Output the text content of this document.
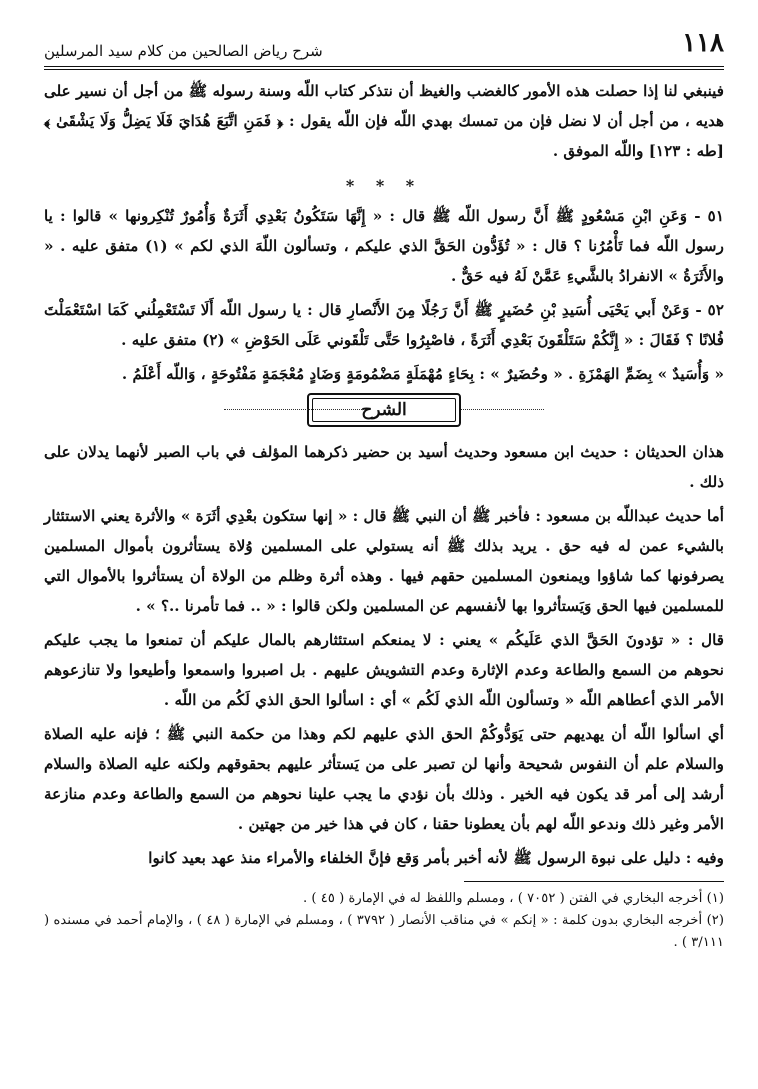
١١٨
شرح رياض الصالحين من كلام سيد المرسلين

فينبغي لنا إذا حصلت هذه الأمور كالغضب والغيظ أن نتذكر كتاب اللّه وسنة رسوله ﷺ من أجل أن نسير على هديه ، من أجل أن لا نضل فإن من تمسك بهدي اللّه فإن اللّه يقول : ﴿ فَمَنِ اتَّبَعَ هُدَايَ فَلَا يَضِلُّ وَلَا يَشْقَىٰ ﴾ [طه : ١٢٣] واللّه الموفق .

* * *

٥١ - وَعَنِ ابْنِ مَسْعُودٍ ﷺ أَنَّ رسول اللّه ﷺ قال : « إِنَّهَا سَتَكُونُ بَعْدِي أَثَرَةٌ وَأُمُورٌ تُنْكِرونها » قالوا : يا رسول اللّه فما تَأْمُرُنا ؟ قال : « تُؤَدُّون الحَقَّ الذي عليكم ، وتسألون اللّهَ الذي لكم » (١) متفق عليه . « والأَثَرَةُ » الانفرادُ بالشَّيءِ عَمَّنْ لَهُ فيه حَقٌّ .

٥٢ - وَعَنْ أَبي يَحْيَى أُسَيدِ بْنِ حُضَيرٍ ﷺ أَنَّ رَجُلًا مِنَ الأَنْصارِ قال : يا رسول اللّه أَلَا تَسْتَعْمِلُني كَمَا اسْتَعْمَلْتَ فُلانًا ؟ فَقَالَ : « إِنَّكُمْ سَتَلْقَونَ بَعْدِي أَثَرَةً ، فاصْبِرُوا حَتَّى تَلْقَوني عَلَى الحَوْضِ » (٢) متفق عليه .

« وَأُسَيدٌ » بِضَمِّ الهَمْزَةِ . « وحُضَيرٌ » : بِحَاءٍ مُهْمَلَةٍ مَضْمُومَةٍ وَضَادٍ مُعْجَمَةٍ مَفْتُوحَةٍ ، وَاللّه أَعْلَمُ .

الشرح

هذان الحديثان : حديث ابن مسعود وحديث أسيد بن حضير ذكرهما المؤلف في باب الصبر لأنهما يدلان على ذلك .

أما حديث عبداللّه بن مسعود : فأخبر ﷺ أن النبي ﷺ قال : « إنها ستكون بعْدِي أثَرَة » والأثرة يعني الاستئثار بالشيء عمن له فيه حق . يريد بذلك ﷺ أنه يستولي على المسلمين وُلاة يستأثرون بأموال المسلمين يصرفونها كما شاؤوا ويمنعون المسلمين حقهم فيها . وهذه أثرة وظلم من الولاة أن يستأثروا بالأموال التي للمسلمين فيها الحق وَيَستأثروا بها لأنفسهم عن المسلمين ولكن قالوا : « .. فما تأمرنا ..؟ » .

قال : « تؤدونَ الحَقَّ الذي عَلَيكُم » يعني : لا يمنعكم استئثارهم بالمال عليكم أن تمنعوا ما يجب عليكم نحوهم من السمع والطاعة وعدم الإثارة وعدم التشويش عليهم . بل اصبروا واسمعوا وأطيعوا ولا تنازعوهم الأمر الذي أعطاهم اللّه « وتسألون اللّه الذي لَكُم » أي : اسألوا الحق الذي لَكُم من اللّه .

أي اسألوا اللّه أن يهديهم حتى يَوَدُّوكُمْ الحق الذي عليهم لكم وهذا من حكمة النبي ﷺ ؛ فإنه عليه الصلاة والسلام علم أن النفوس شحيحة وأنها لن تصبر على من يَستأثر عليهم بحقوقهم ولكنه عليه الصلاة والسلام أرشد إلى أمر قد يكون فيه الخير . وذلك بأن نؤدي ما يجب علينا نحوهم من السمع والطاعة وعدم منازعة الأمر وغير ذلك وندعو اللّه لهم بأن يعطونا حقنا ، كان في هذا خير من جهتين .

وفيه : دليل على نبوة الرسول ﷺ لأنه أخبر بأمر وَقع فإنَّ الخلفاء والأمراء منذ عهد بعيد كانوا

(١) أخرجه البخاري في الفتن ( ٧٠٥٢ ) ، ومسلم واللفظ له في الإمارة ( ٤٥ ) .

(٢) أخرجه البخاري بدون كلمة : « إنكم » في مناقب الأنصار ( ٣٧٩٢ ) ، ومسلم في الإمارة ( ٤٨ ) ، والإمام أحمد في مسنده ( ٣/١١١ ) .
